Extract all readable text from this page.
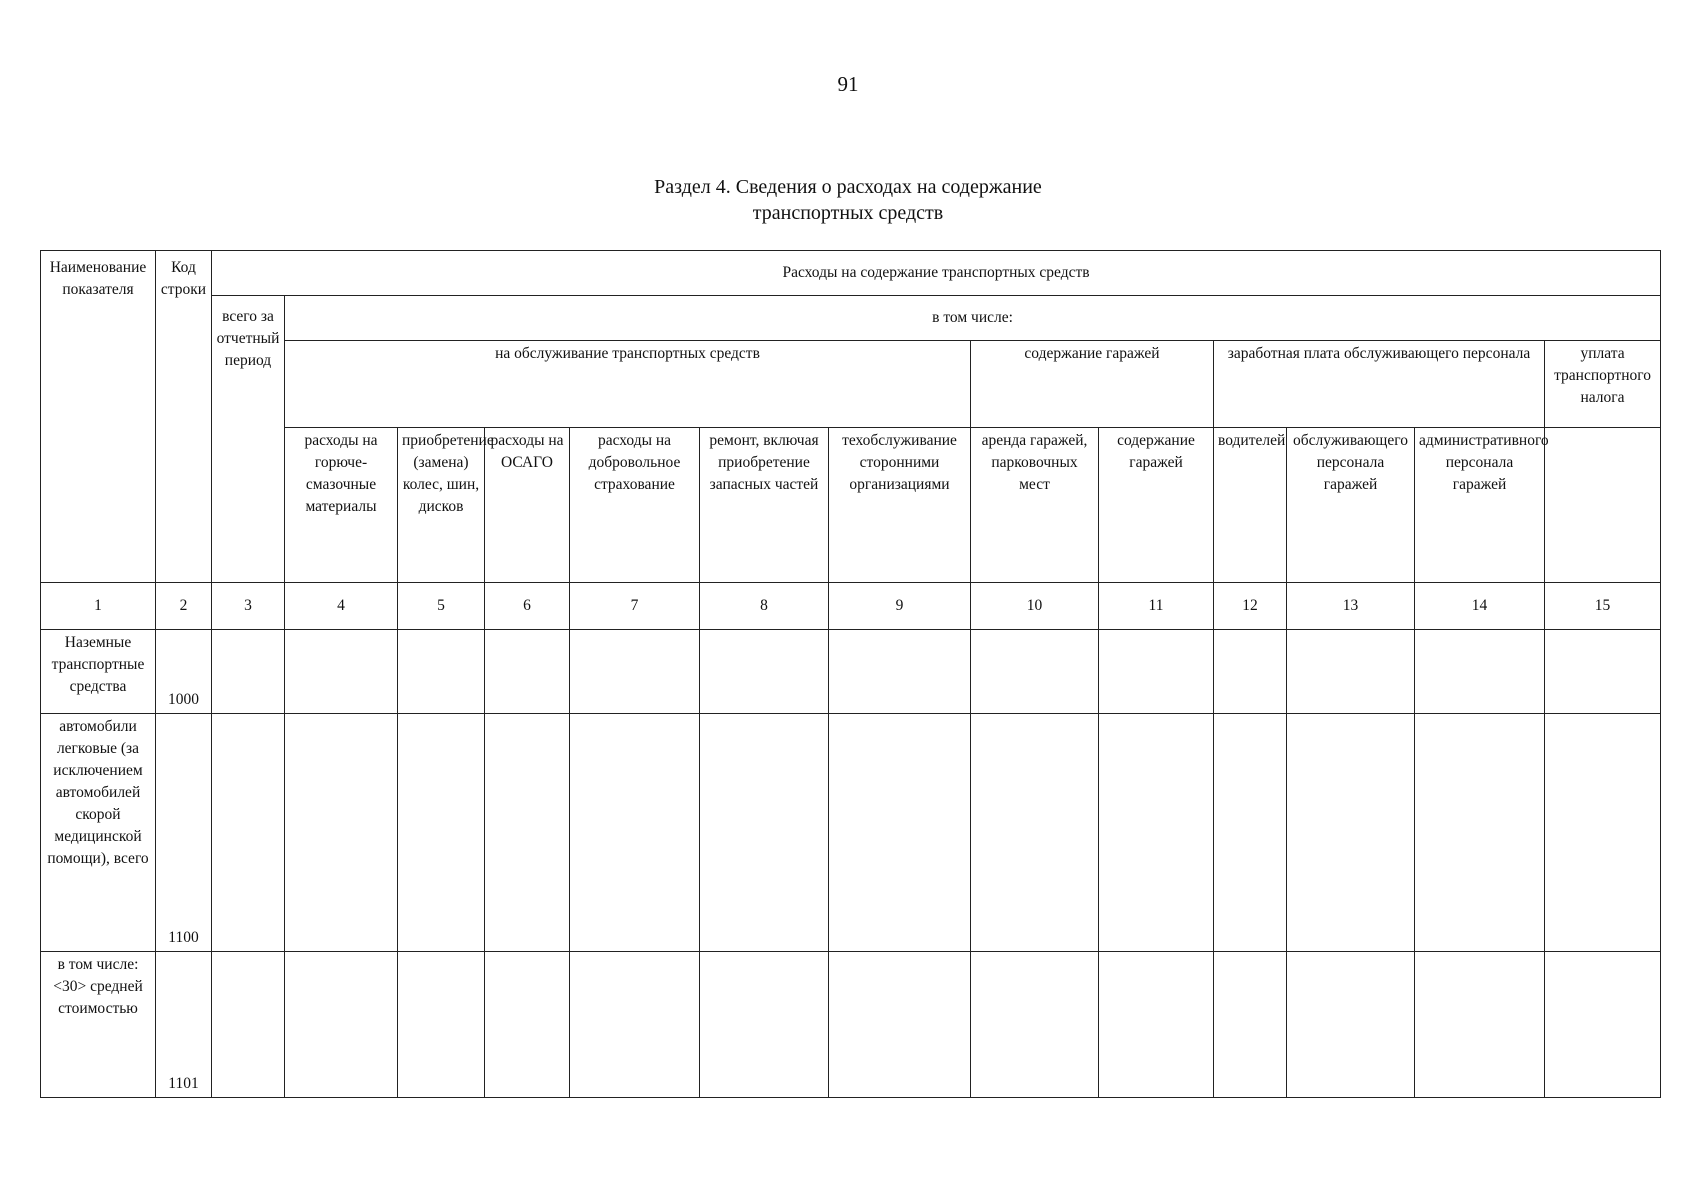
91
Раздел 4. Сведения о расходах на содержание
транспортных средств
Наименование показателя	Код строки	Расходы на содержание транспортных средств												
		всего за отчетный период	в том числе:											
			на обслуживание транспортных средств						содержание гаражей		заработная плата обслуживающего персонала			уплата транспортного налога
			расходы на горюче-смазочные материалы	приобретение (замена) колес, шин, дисков	расходы на ОСАГО	расходы на добровольное страхование	ремонт, включая приобретение запасных частей	техобслуживание сторонними организациями	аренда гаражей, парковочных мест	содержание гаражей	водителей	обслуживающего персонала гаражей	административного персонала гаражей	
1	2	3	4	5	6	7	8	9	10	11	12	13	14	15
Наземные транспортные средства	1000													
автомобили легковые (за исключением автомобилей скорой медицинской помощи), всего	1100													
в том числе: <30> средней стоимостью	1101													
